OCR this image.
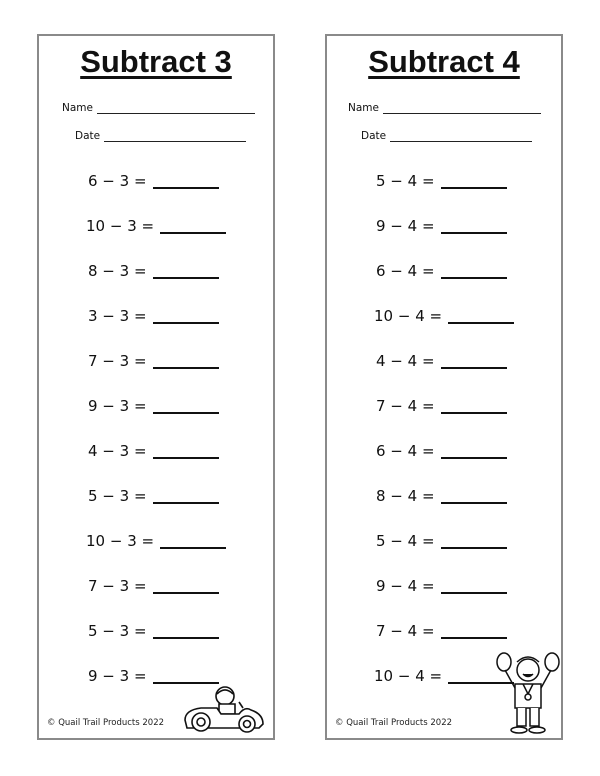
Subtract 3
Name
Date
6 − 3 =
10 − 3 =
8 − 3 =
3 − 3 =
7 − 3 =
9 − 3 =
4 − 3 =
5 − 3 =
10 − 3 =
7 − 3 =
5 − 3 =
9 − 3 =
© Quail Trail Products 2022
Subtract 4
Name
Date
5 − 4 =
9 − 4 =
6 − 4 =
10 − 4 =
4 − 4 =
7 − 4 =
6 − 4 =
8 − 4 =
5 − 4 =
9 − 4 =
7 − 4 =
10 − 4 =
© Quail Trail Products 2022
